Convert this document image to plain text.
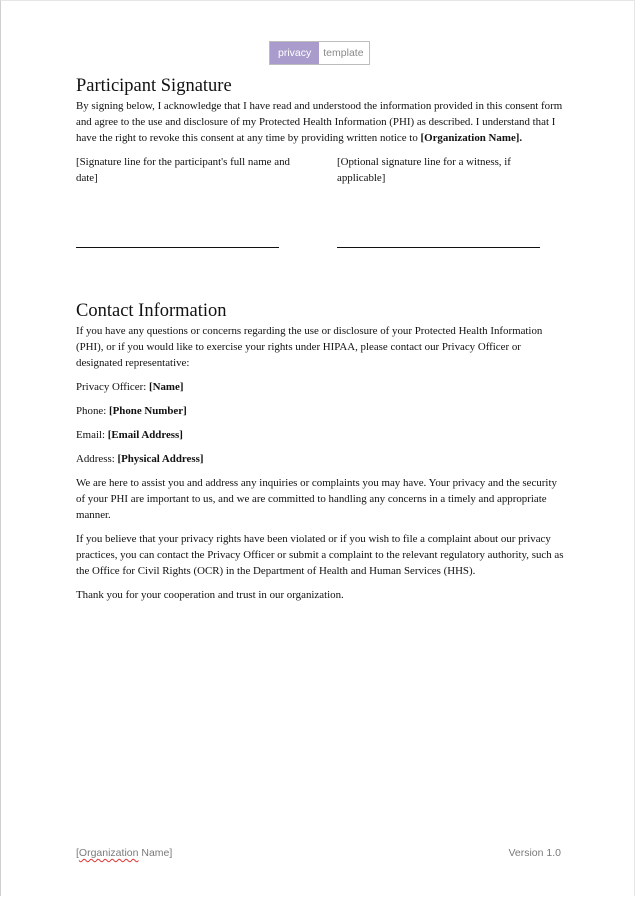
privacy	template
Participant Signature

By signing below, I acknowledge that I have read and understood the information provided in this consent form and agree to the use and disclosure of my Protected Health Information (PHI) as described. I understand that I have the right to revoke this consent at any time by providing written notice to [Organization Name].

[Signature line for the participant's full name and date]
[Optional signature line for a witness, if applicable]
Contact Information

If you have any questions or concerns regarding the use or disclosure of your Protected Health Information (PHI), or if you would like to exercise your rights under HIPAA, please contact our Privacy Officer or designated representative:

Privacy Officer: [Name]

Phone: [Phone Number]

Email: [Email Address]

Address: [Physical Address]

We are here to assist you and address any inquiries or complaints you may have. Your privacy and the security of your PHI are important to us, and we are committed to handling any concerns in a timely and appropriate manner.

If you believe that your privacy rights have been violated or if you wish to file a complaint about our privacy practices, you can contact the Privacy Officer or submit a complaint to the relevant regulatory authority, such as the Office for Civil Rights (OCR) in the Department of Health and Human Services (HHS).

Thank you for your cooperation and trust in our organization.

[Organization Name]	Version 1.0
